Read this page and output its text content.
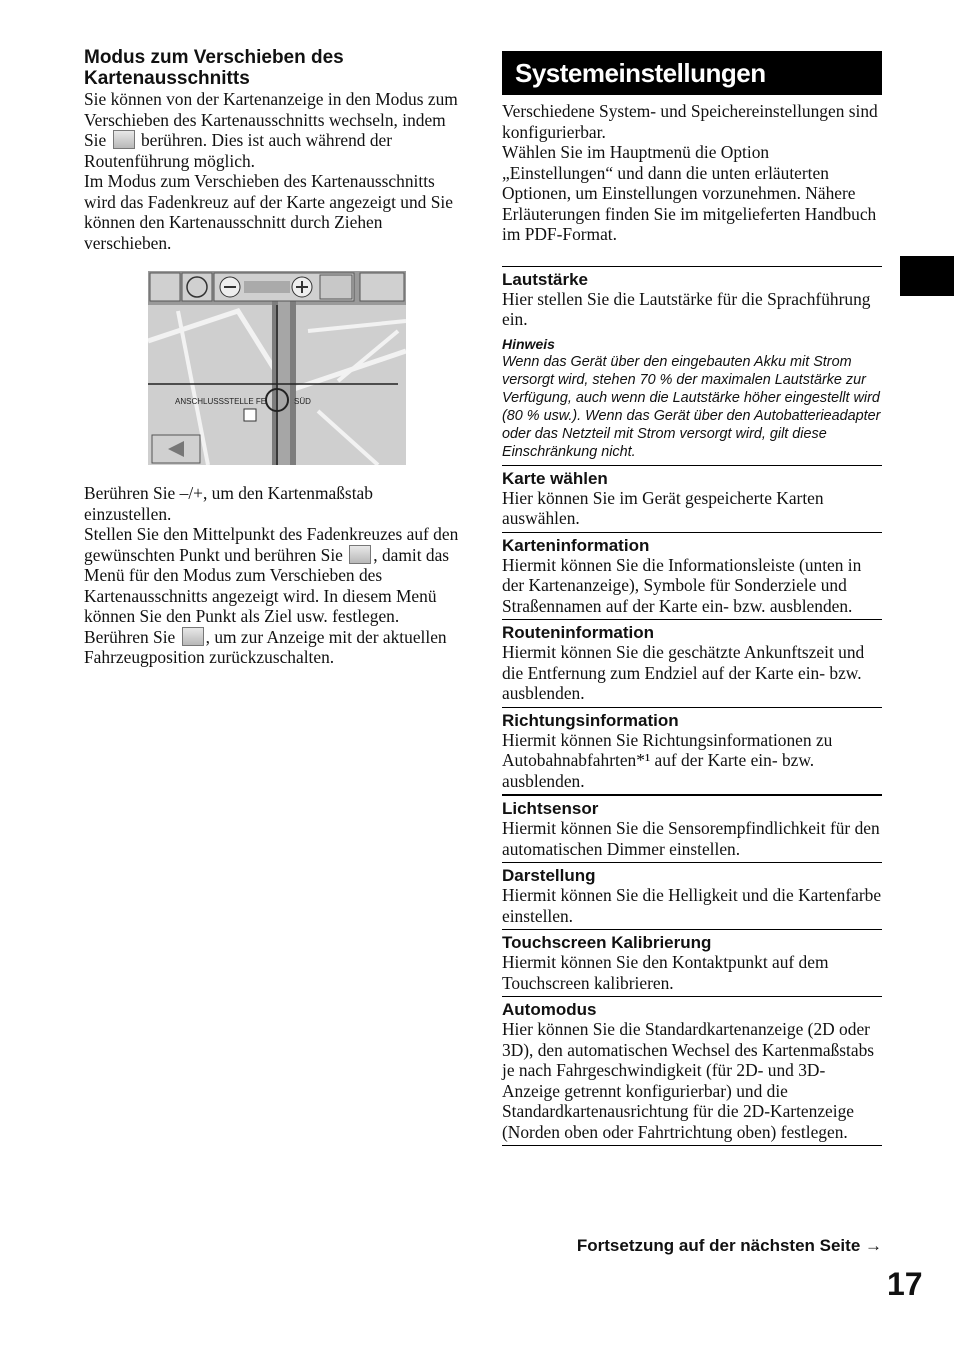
Modus zum Verschieben des Kartenausschnitts

Sie können von der Kartenanzeige in den Modus zum Verschieben des Kartenausschnitts wechseln, indem Sie berühren. Dies ist auch während der Routenführung möglich.

Im Modus zum Verschieben des Kartenausschnitts wird das Fadenkreuz auf der Karte angezeigt und Sie können den Kartenausschnitt durch Ziehen verschieben.

ANSCHLUSSSTELLE FE	SÜD

Berühren Sie –/+, um den Kartenmaßstab einzustellen.

Stellen Sie den Mittelpunkt des Fadenkreuzes auf den gewünschten Punkt und berühren Sie , damit das Menü für den Modus zum Verschieben des Kartenausschnitts angezeigt wird. In diesem Menü können Sie den Punkt als Ziel usw. festlegen.

Berühren Sie , um zur Anzeige mit der aktuellen Fahrzeugposition zurückzuschalten.

Systemeinstellungen

Verschiedene System- und Speichereinstellungen sind konfigurierbar.

Wählen Sie im Hauptmenü die Option „Einstellungen“ und dann die unten erläuterten Optionen, um Einstellungen vorzunehmen. Nähere Erläuterungen finden Sie im mitgelieferten Handbuch im PDF-Format.

Lautstärke

Hier stellen Sie die Lautstärke für die Sprachführung ein.

Hinweis

Wenn das Gerät über den eingebauten Akku mit Strom versorgt wird, stehen 70 % der maximalen Lautstärke zur Verfügung, auch wenn die Lautstärke höher eingestellt wird (80 % usw.). Wenn das Gerät über den Autobatterieadapter oder das Netzteil mit Strom versorgt wird, gilt diese Einschränkung nicht.

Karte wählen

Hier können Sie im Gerät gespeicherte Karten auswählen.

Karteninformation

Hiermit können Sie die Informationsleiste (unten in der Kartenanzeige), Symbole für Sonderziele und Straßennamen auf der Karte ein- bzw. ausblenden.

Routeninformation

Hiermit können Sie die geschätzte Ankunftszeit und die Entfernung zum Endziel auf der Karte ein- bzw. ausblenden.

Richtungsinformation

Hiermit können Sie Richtungsinformationen zu Autobahnabfahrten*¹ auf der Karte ein- bzw. ausblenden.

Lichtsensor

Hiermit können Sie die Sensorempfindlichkeit für den automatischen Dimmer einstellen.

Darstellung

Hiermit können Sie die Helligkeit und die Kartenfarbe einstellen.

Touchscreen Kalibrierung

Hiermit können Sie den Kontaktpunkt auf dem Touchscreen kalibrieren.

Automodus

Hier können Sie die Standardkartenanzeige (2D oder 3D), den automatischen Wechsel des Kartenmaßstabs je nach Fahrgeschwindigkeit (für 2D- und 3D-Anzeige getrennt konfigurierbar) und die Standardkartenausrichtung für die 2D-Kartenzeige (Norden oben oder Fahrtrichtung oben) festlegen.

Fortsetzung auf der nächsten Seite →
17
